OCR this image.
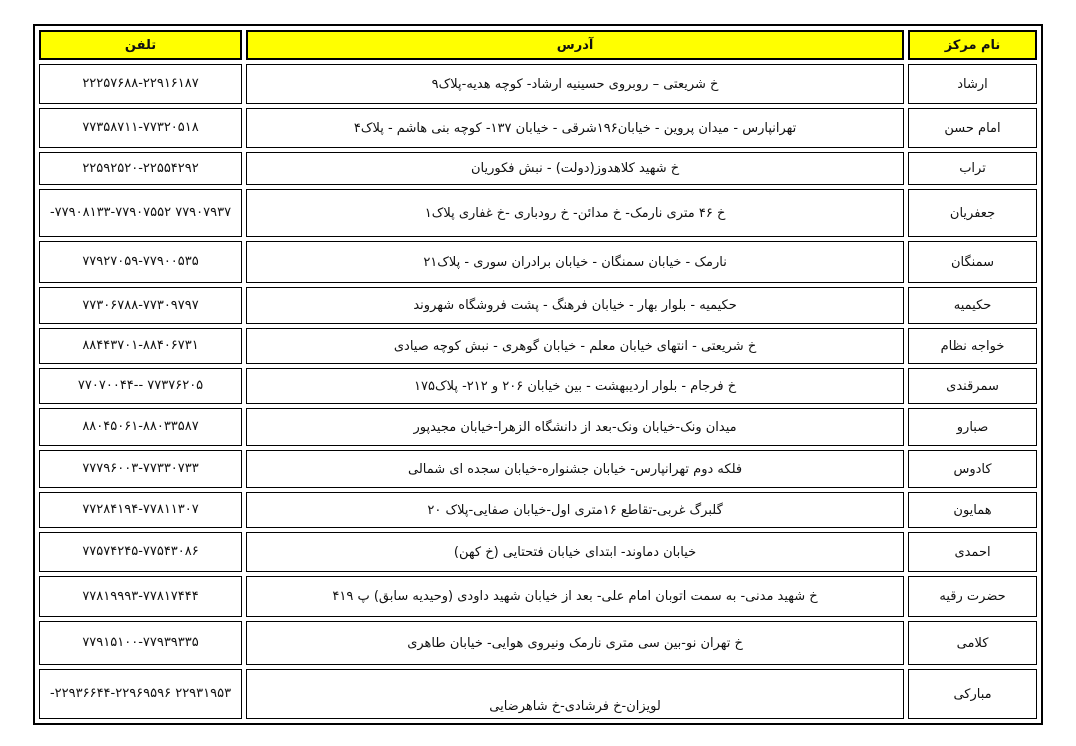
نام مرکز	آدرس	تلفن
ارشاد	خ شریعتی – روبروی حسینیه ارشاد- کوچه هدیه-پلاک۹	۲۲۲۵۷۶۸۸-۲۲۹۱۶۱۸۷
امام حسن	تهرانپارس - میدان پروین - خیابان۱۹۶شرقی - خیابان ۱۳۷- کوچه بنی هاشم - پلاک۴	۷۷۳۵۸۷۱۱-۷۷۳۲۰۵۱۸
تراب	خ شهید کلاهدوز(دولت) - نبش فکوریان	۲۲۵۹۲۵۲۰-۲۲۵۵۴۲۹۲
جعفریان	خ ۴۶ متری نارمک- خ مدائن- خ رودباری -خ غفاری پلاک۱	-۷۷۹۰۸۱۳۳-۷۷۹۰۷۵۵۲ ۷۷۹۰۷۹۳۷
سمنگان	نارمک - خیابان سمنگان - خیابان برادران سوری - پلاک۲۱	۷۷۹۲۷۰۵۹-۷۷۹۰۰۵۳۵
حکیمیه	حکیمیه - بلوار بهار - خیابان فرهنگ - پشت فروشگاه شهروند	۷۷۳۰۶۷۸۸-۷۷۳۰۹۷۹۷
خواجه نظام	خ شریعتی - انتهای خیابان معلم - خیابان گوهری - نبش کوچه صیادی	۸۸۴۴۳۷۰۱-۸۸۴۰۶۷۳۱
سمرقندی	خ فرجام - بلوار اردیبهشت - بین خیابان ۲۰۶ و ۲۱۲- پلاک۱۷۵	۷۷۰۷۰۰۴۴-- ۷۷۳۷۶۲۰۵
صبارو	میدان ونک-خیابان ونک-بعد از دانشگاه الزهرا-خیابان مجیدپور	۸۸۰۴۵۰۶۱-۸۸۰۳۳۵۸۷
کادوس	فلکه دوم تهرانپارس- خیابان جشنواره-خیابان سجده ای شمالی	۷۷۷۹۶۰۰۳-۷۷۳۳۰۷۳۳
همایون	گلبرگ غربی-تقاطع ۱۶متری اول-خیابان صفایی-پلاک ۲۰	۷۷۲۸۴۱۹۴-۷۷۸۱۱۳۰۷
احمدی	خیابان دماوند- ابتدای خیابان فتحتایی (خ کهن)	۷۷۵۷۴۲۴۵-۷۷۵۴۳۰۸۶
حضرت رقیه	خ شهید مدنی- به سمت اتوبان امام علی- بعد از خیابان شهید داودی (وحیدیه سابق) پ ۴۱۹	۷۷۸۱۹۹۹۳-۷۷۸۱۷۴۴۴
کلامی	خ تهران نو-بین سی متری نارمک ونیروی هوایی- خیابان طاهری	۷۷۹۱۵۱۰۰-۷۷۹۳۹۳۳۵
مبارکی	لویزان-خ فرشادی-خ شاهرضایی	-۲۲۹۳۶۶۴۴-۲۲۹۶۹۵۹۶ ۲۲۹۳۱۹۵۳
